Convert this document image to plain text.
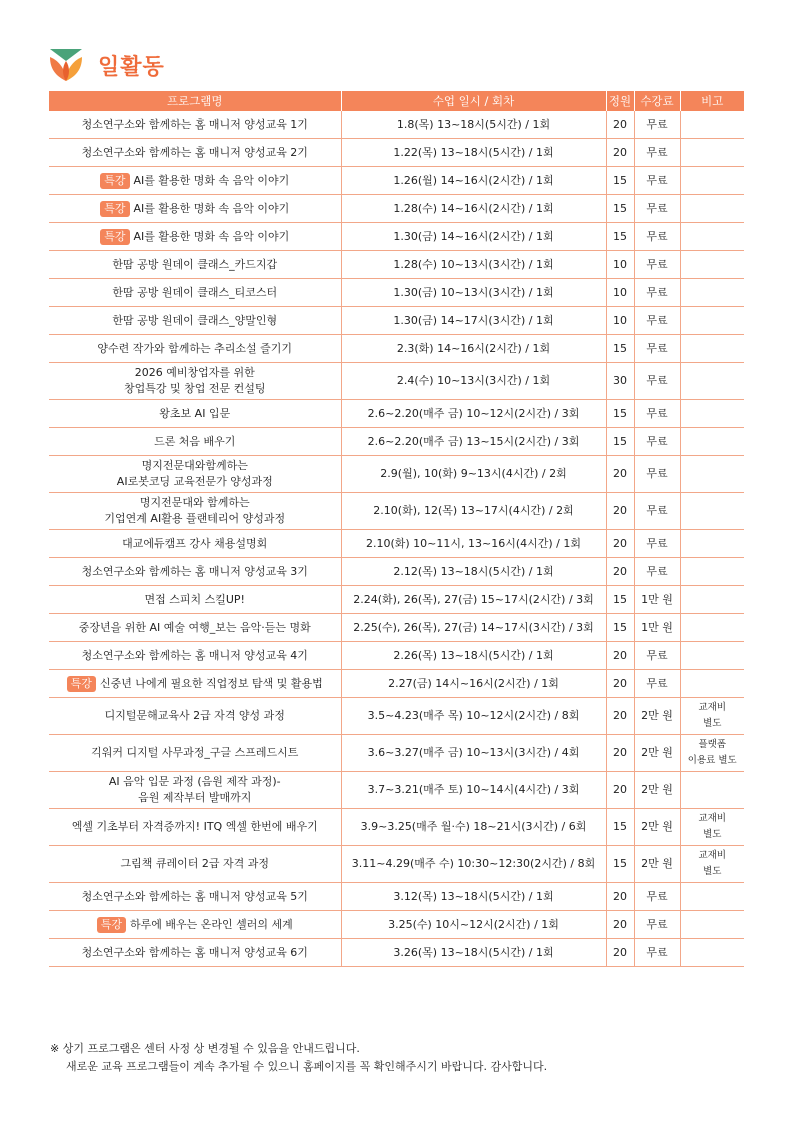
일활동
프로그램명	수업 일시 / 회차	정원	수강료	비고
청소연구소와 함께하는 홈 매니저 양성교육 1기	1.8(목) 13~18시(5시간) / 1회	20	무료	
청소연구소와 함께하는 홈 매니저 양성교육 2기	1.22(목) 13~18시(5시간) / 1회	20	무료	
특강 AI를 활용한 명화 속 음악 이야기	1.26(월) 14~16시(2시간) / 1회	15	무료	
특강 AI를 활용한 명화 속 음악 이야기	1.28(수) 14~16시(2시간) / 1회	15	무료	
특강 AI를 활용한 명화 속 음악 이야기	1.30(금) 14~16시(2시간) / 1회	15	무료	
한땀 공방 원데이 클래스_카드지갑	1.28(수) 10~13시(3시간) / 1회	10	무료	
한땀 공방 원데이 클래스_티코스터	1.30(금) 10~13시(3시간) / 1회	10	무료	
한땀 공방 원데이 클래스_양말인형	1.30(금) 14~17시(3시간) / 1회	10	무료	
양수련 작가와 함께하는 추리소설 즐기기	2.3(화) 14~16시(2시간) / 1회	15	무료	
2026 예비창업자를 위한
창업특강 및 창업 전문 컨설팅	2.4(수) 10~13시(3시간) / 1회	30	무료	
왕초보 AI 입문	2.6~2.20(매주 금) 10~12시(2시간) / 3회	15	무료	
드론 처음 배우기	2.6~2.20(매주 금) 13~15시(2시간) / 3회	15	무료	
명지전문대와함께하는
AI로봇코딩 교육전문가 양성과정	2.9(월), 10(화) 9~13시(4시간) / 2회	20	무료	
명지전문대와 함께하는
기업연계 AI활용 플랜테리어 양성과정	2.10(화), 12(목) 13~17시(4시간) / 2회	20	무료	
대교에듀캠프 강사 채용설명회	2.10(화) 10~11시, 13~16시(4시간) / 1회	20	무료	
청소연구소와 함께하는 홈 매니저 양성교육 3기	2.12(목) 13~18시(5시간) / 1회	20	무료	
면접 스피치 스킬UP!	2.24(화), 26(목), 27(금) 15~17시(2시간) / 3회	15	1만 원	
중장년을 위한 AI 예술 여행_보는 음악·듣는 명화	2.25(수), 26(목), 27(금) 14~17시(3시간) / 3회	15	1만 원	
청소연구소와 함께하는 홈 매니저 양성교육 4기	2.26(목) 13~18시(5시간) / 1회	20	무료	
특강 신중년 나에게 필요한 직업정보 탐색 및 활용법	2.27(금) 14시~16시(2시간) / 1회	20	무료	
디지털문해교육사 2급 자격 양성 과정	3.5~4.23(매주 목) 10~12시(2시간) / 8회	20	2만 원	교재비
별도
긱워커 디지털 사무과정_구글 스프레드시트	3.6~3.27(매주 금) 10~13시(3시간) / 4회	20	2만 원	플랫폼
이용료 별도
AI 음악 입문 과정 (음원 제작 과정)-
음원 제작부터 발매까지	3.7~3.21(매주 토) 10~14시(4시간) / 3회	20	2만 원	
엑셀 기초부터 자격증까지! ITQ 엑셀 한번에 배우기	3.9~3.25(매주 월·수) 18~21시(3시간) / 6회	15	2만 원	교재비
별도
그림책 큐레이터 2급 자격 과정	3.11~4.29(매주 수) 10:30~12:30(2시간) / 8회	15	2만 원	교재비
별도
청소연구소와 함께하는 홈 매니저 양성교육 5기	3.12(목) 13~18시(5시간) / 1회	20	무료	
특강 하루에 배우는 온라인 셀러의 세계	3.25(수) 10시~12시(2시간) / 1회	20	무료	
청소연구소와 함께하는 홈 매니저 양성교육 6기	3.26(목) 13~18시(5시간) / 1회	20	무료	
※ 상기 프로그램은 센터 사정 상 변경될 수 있음을 안내드립니다.
새로운 교육 프로그램들이 계속 추가될 수 있으니 홈페이지를 꼭 확인해주시기 바랍니다. 감사합니다.
